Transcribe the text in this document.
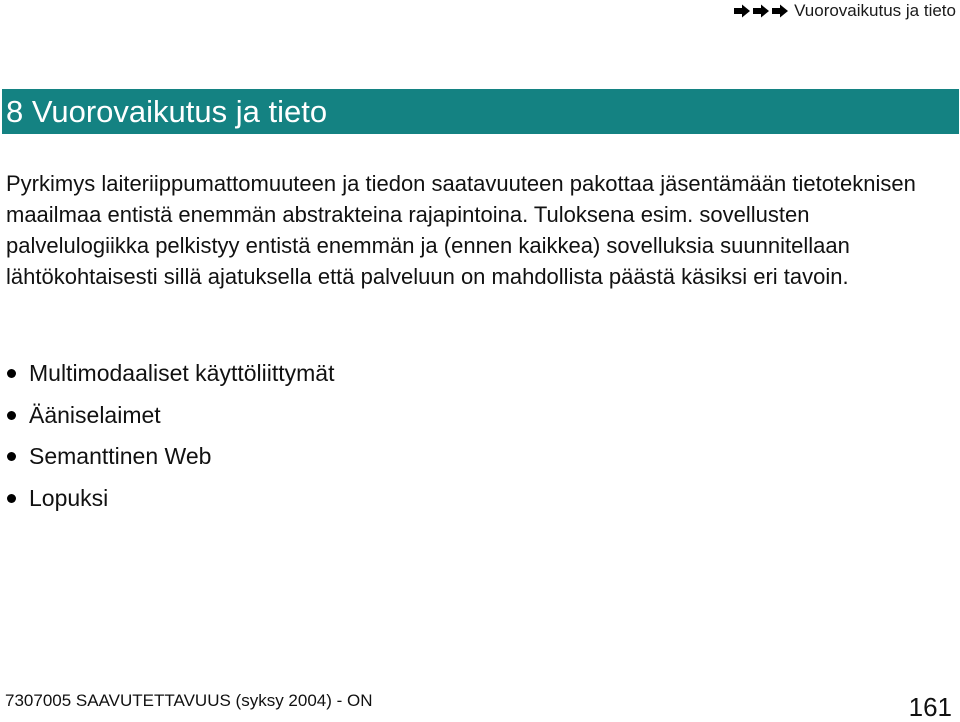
Vuorovaikutus ja tieto
8 Vuorovaikutus ja tieto
Pyrkimys laiteriippumattomuuteen ja tiedon saatavuuteen pakottaa jäsentämään tietoteknisen maailmaa entistä enemmän abstrakteina rajapintoina. Tuloksena esim. sovellusten palvelulogiikka pelkistyy entistä enemmän ja (ennen kaikkea) sovelluksia suunnitellaan lähtökohtaisesti sillä ajatuksella että palveluun on mahdollista päästä käsiksi eri tavoin.
Multimodaaliset käyttöliittymät
Ääniselaimet
Semanttinen Web
Lopuksi
7307005 SAAVUTETTAVUUS (syksy 2004) - ON	161
